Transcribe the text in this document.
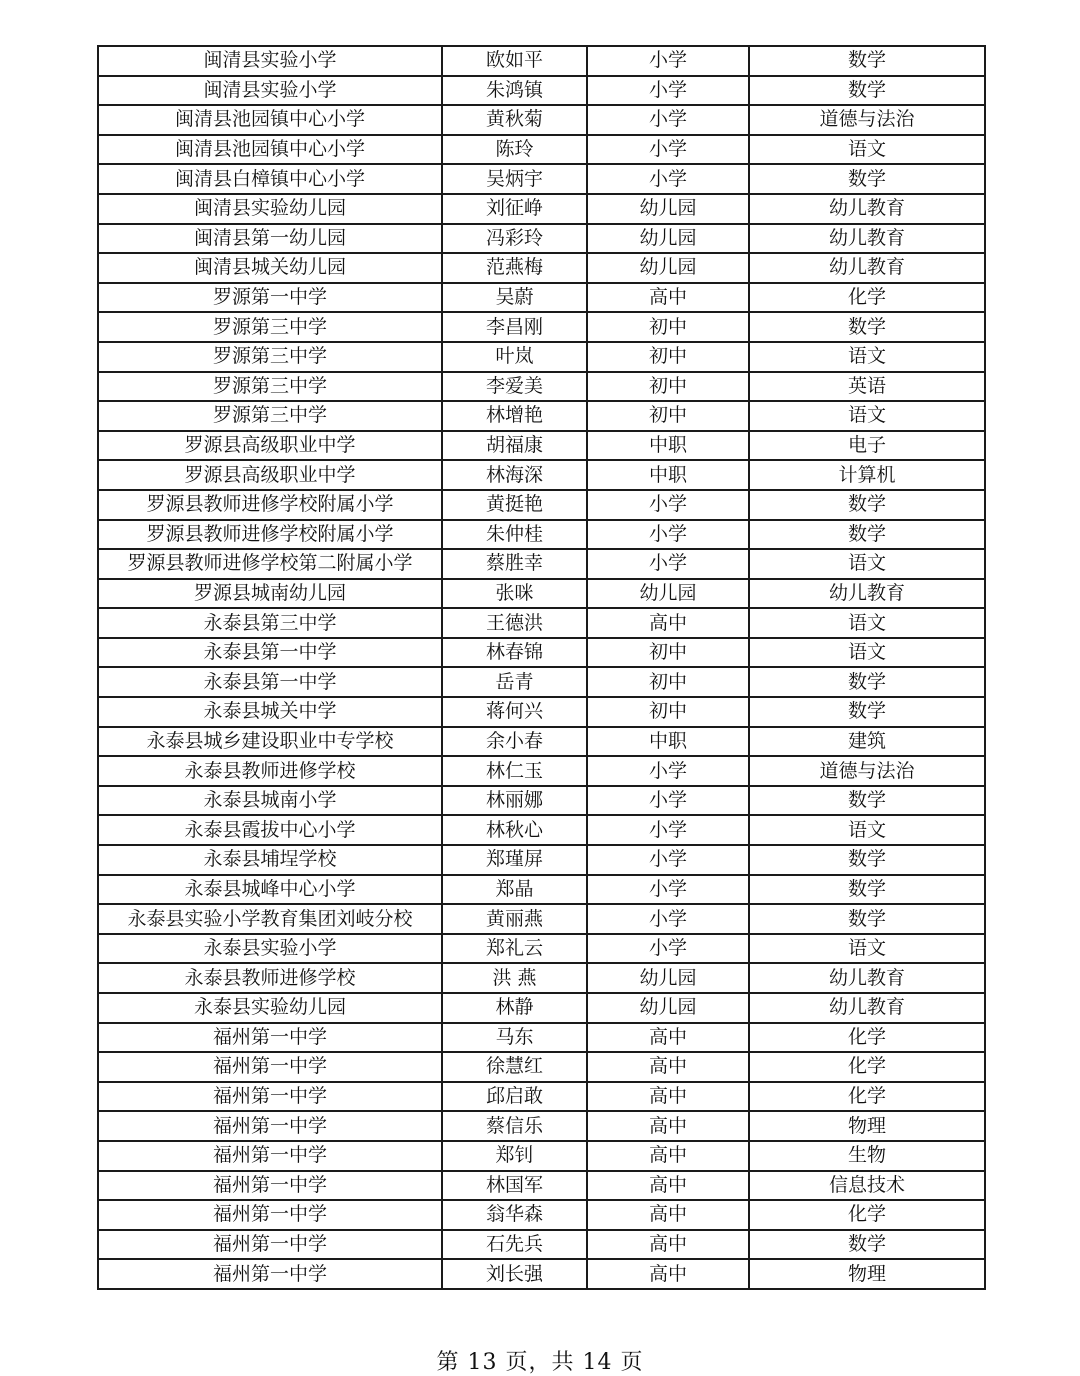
闽清县实验小学	欧如平	小学	数学
闽清县实验小学	朱鸿镇	小学	数学
闽清县池园镇中心小学	黄秋菊	小学	道德与法治
闽清县池园镇中心小学	陈玲	小学	语文
闽清县白樟镇中心小学	吴炳宇	小学	数学
闽清县实验幼儿园	刘征峥	幼儿园	幼儿教育
闽清县第一幼儿园	冯彩玲	幼儿园	幼儿教育
闽清县城关幼儿园	范燕梅	幼儿园	幼儿教育
罗源第一中学	吴蔚	高中	化学
罗源第三中学	李昌刚	初中	数学
罗源第三中学	叶岚	初中	语文
罗源第三中学	李爱美	初中	英语
罗源第三中学	林增艳	初中	语文
罗源县高级职业中学	胡福康	中职	电子
罗源县高级职业中学	林海深	中职	计算机
罗源县教师进修学校附属小学	黄挺艳	小学	数学
罗源县教师进修学校附属小学	朱仲桂	小学	数学
罗源县教师进修学校第二附属小学	蔡胜幸	小学	语文
罗源县城南幼儿园	张咪	幼儿园	幼儿教育
永泰县第三中学	王德洪	高中	语文
永泰县第一中学	林春锦	初中	语文
永泰县第一中学	岳青	初中	数学
永泰县城关中学	蒋何兴	初中	数学
永泰县城乡建设职业中专学校	余小春	中职	建筑
永泰县教师进修学校	林仁玉	小学	道德与法治
永泰县城南小学	林丽娜	小学	数学
永泰县霞拔中心小学	林秋心	小学	语文
永泰县埔埕学校	郑瑾屏	小学	数学
永泰县城峰中心小学	郑晶	小学	数学
永泰县实验小学教育集团刘岐分校	黄丽燕	小学	数学
永泰县实验小学	郑礼云	小学	语文
永泰县教师进修学校	洪 燕	幼儿园	幼儿教育
永泰县实验幼儿园	林静	幼儿园	幼儿教育
福州第一中学	马东	高中	化学
福州第一中学	徐慧红	高中	化学
福州第一中学	邱启敢	高中	化学
福州第一中学	蔡信乐	高中	物理
福州第一中学	郑钊	高中	生物
福州第一中学	林国军	高中	信息技术
福州第一中学	翁华森	高中	化学
福州第一中学	石先兵	高中	数学
福州第一中学	刘长强	高中	物理
第 13 页，共 14 页
